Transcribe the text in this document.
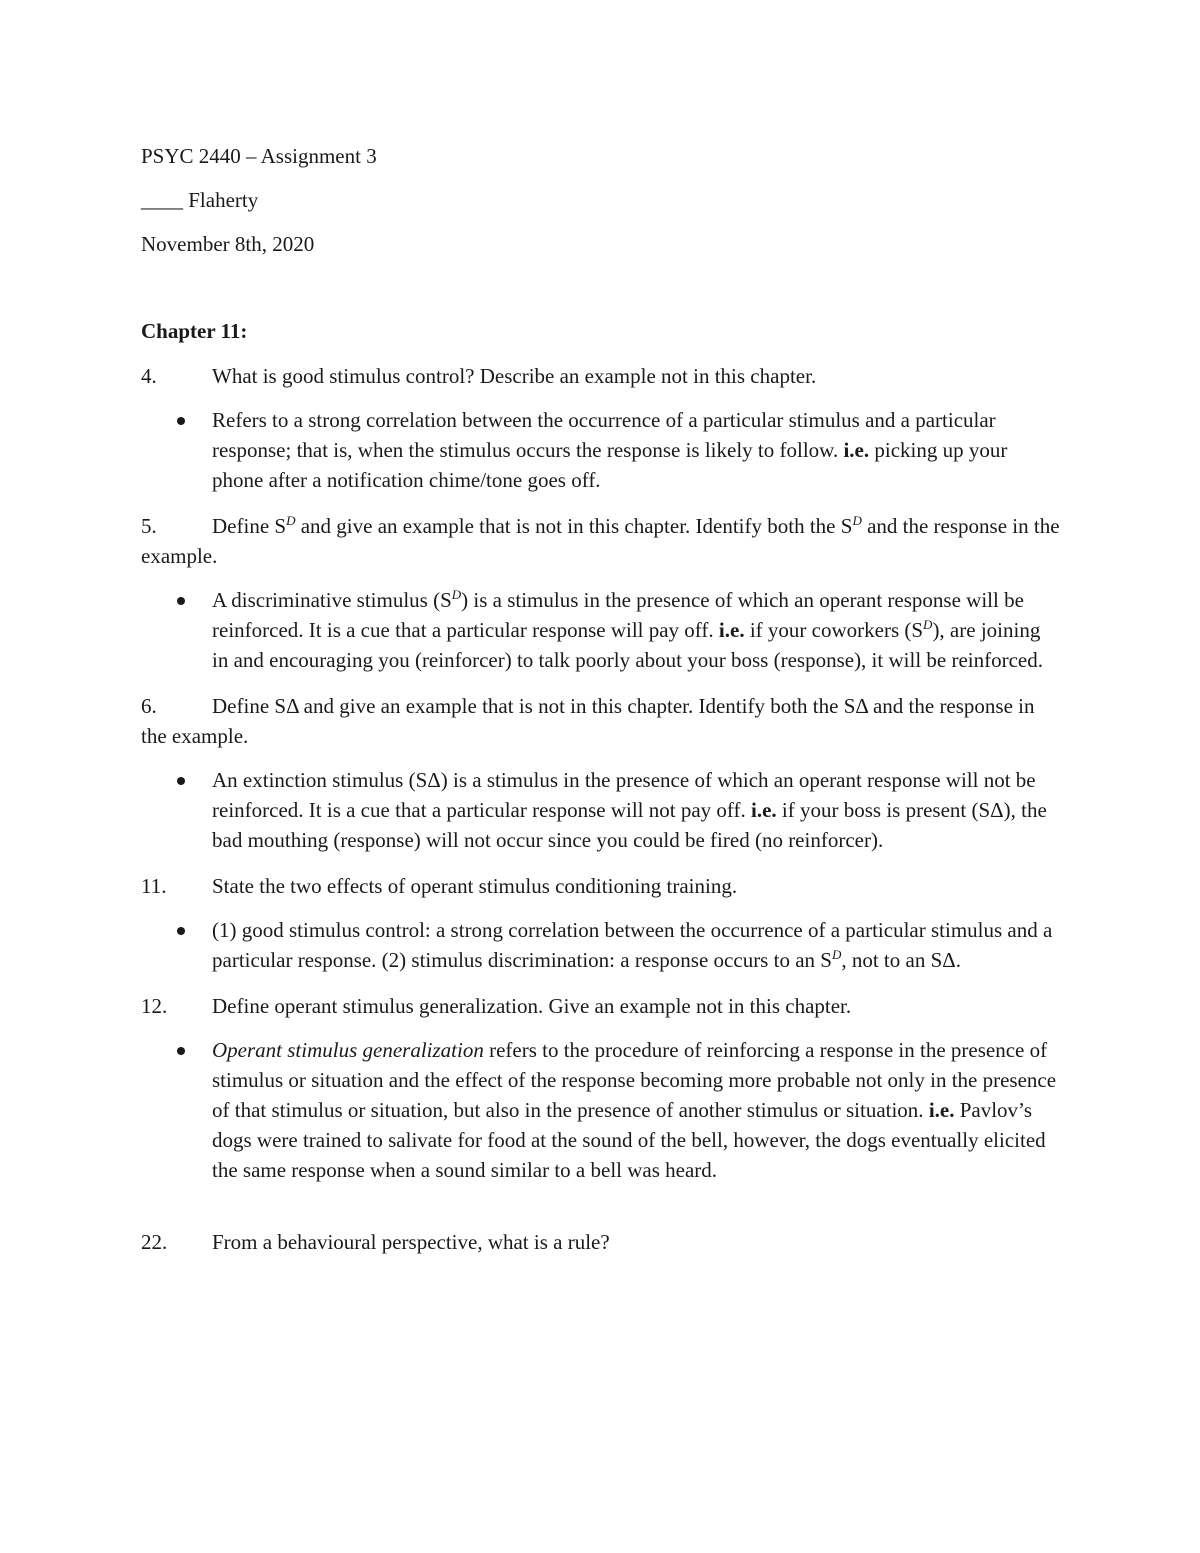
PSYC 2440 – Assignment 3

____ Flaherty

November 8th, 2020

Chapter 11:

4.	What is good stimulus control? Describe an example not in this chapter.

Refers to a strong correlation between the occurrence of a particular stimulus and a particular response; that is, when the stimulus occurs the response is likely to follow. i.e. picking up your phone after a notification chime/tone goes off.

5.	Define $S^D$ and give an example that is not in this chapter. Identify both the $S^D$ and the response in the example.

A discriminative stimulus $(S^D)$ is a stimulus in the presence of which an operant response will be reinforced. It is a cue that a particular response will pay off. i.e. if your coworkers $(S^D)$, are joining in and encouraging you (reinforcer) to talk poorly about your boss (response), it will be reinforced.

6.	Define SΔ and give an example that is not in this chapter. Identify both the SΔ and the response in the example.

An extinction stimulus (SΔ) is a stimulus in the presence of which an operant response will not be reinforced. It is a cue that a particular response will not pay off. i.e. if your boss is present (SΔ), the bad mouthing (response) will not occur since you could be fired (no reinforcer).

11. State the two effects of operant stimulus conditioning training.

(1) good stimulus control: a strong correlation between the occurrence of a particular stimulus and a particular response. (2) stimulus discrimination: a response occurs to an $S^D$, not to an SΔ.

12. Define operant stimulus generalization. Give an example not in this chapter.

Operant stimulus generalization refers to the procedure of reinforcing a response in the presence of stimulus or situation and the effect of the response becoming more probable not only in the presence of that stimulus or situation, but also in the presence of another stimulus or situation. i.e. Pavlov’s dogs were trained to salivate for food at the sound of the bell, however, the dogs eventually elicited the same response when a sound similar to a bell was heard.

22. From a behavioural perspective, what is a rule?
